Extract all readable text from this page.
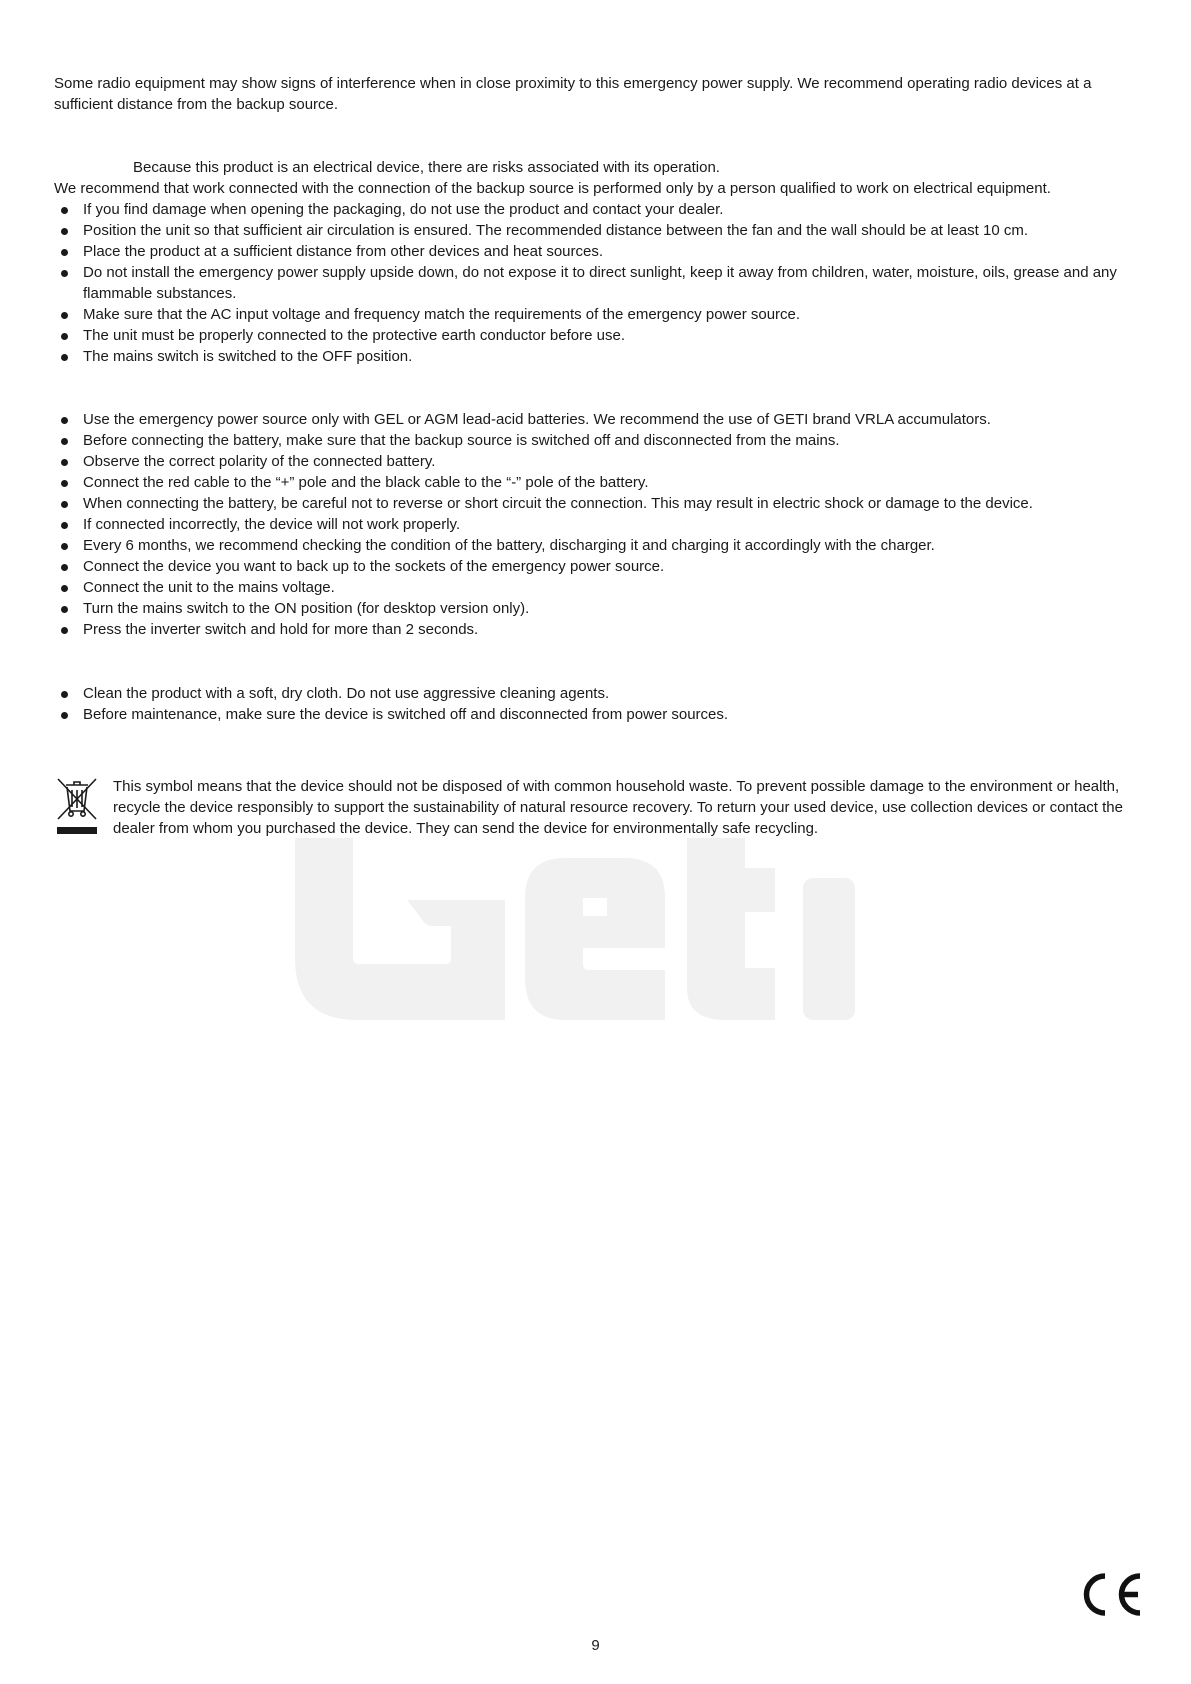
Some radio equipment may show signs of interference when in close proximity to this emergency power supply. We recommend operating radio devices at a sufficient distance from the backup source.

Because this product is an electrical device, there are risks associated with its operation.

We recommend that work connected with the connection of the backup source is performed only by a person qualified to work on electrical equipment.

If you find damage when opening the packaging, do not use the product and contact your dealer.
Position the unit so that sufficient air circulation is ensured. The recommended distance between the fan and the wall should be at least 10 cm.
Place the product at a sufficient distance from other devices and heat sources.
Do not install the emergency power supply upside down, do not expose it to direct sunlight, keep it away from children, water, moisture, oils, grease and any flammable substances.
Make sure that the AC input voltage and frequency match the requirements of the emergency power source.
The unit must be properly connected to the protective earth conductor before use.
The mains switch is switched to the OFF position.
Use the emergency power source only with GEL or AGM lead-acid batteries. We recommend the use of GETI brand VRLA accumulators.
Before connecting the battery, make sure that the backup source is switched off and disconnected from the mains.
Observe the correct polarity of the connected battery.
Connect the red cable to the “+” pole and the black cable to the “-” pole of the battery.
When connecting the battery, be careful not to reverse or short circuit the connection. This may result in electric shock or damage to the device.
If connected incorrectly, the device will not work properly.
Every 6 months, we recommend checking the condition of the battery, discharging it and charging it accordingly with the charger.
Connect the device you want to back up to the sockets of the emergency power source.
Connect the unit to the mains voltage.
Turn the mains switch to the ON position (for desktop version only).
Press the inverter switch and hold for more than 2 seconds.
Clean the product with a soft, dry cloth. Do not use aggressive cleaning agents.
Before maintenance, make sure the device is switched off and disconnected from power sources.

This symbol means that the device should not be disposed of with common household waste. To prevent possible damage to the environment or health, recycle the device responsibly to support the sustainability of natural resource recovery. To return your used device, use collection devices or contact the dealer from whom you purchased the device. They can send the device for environmentally safe recycling.

9
